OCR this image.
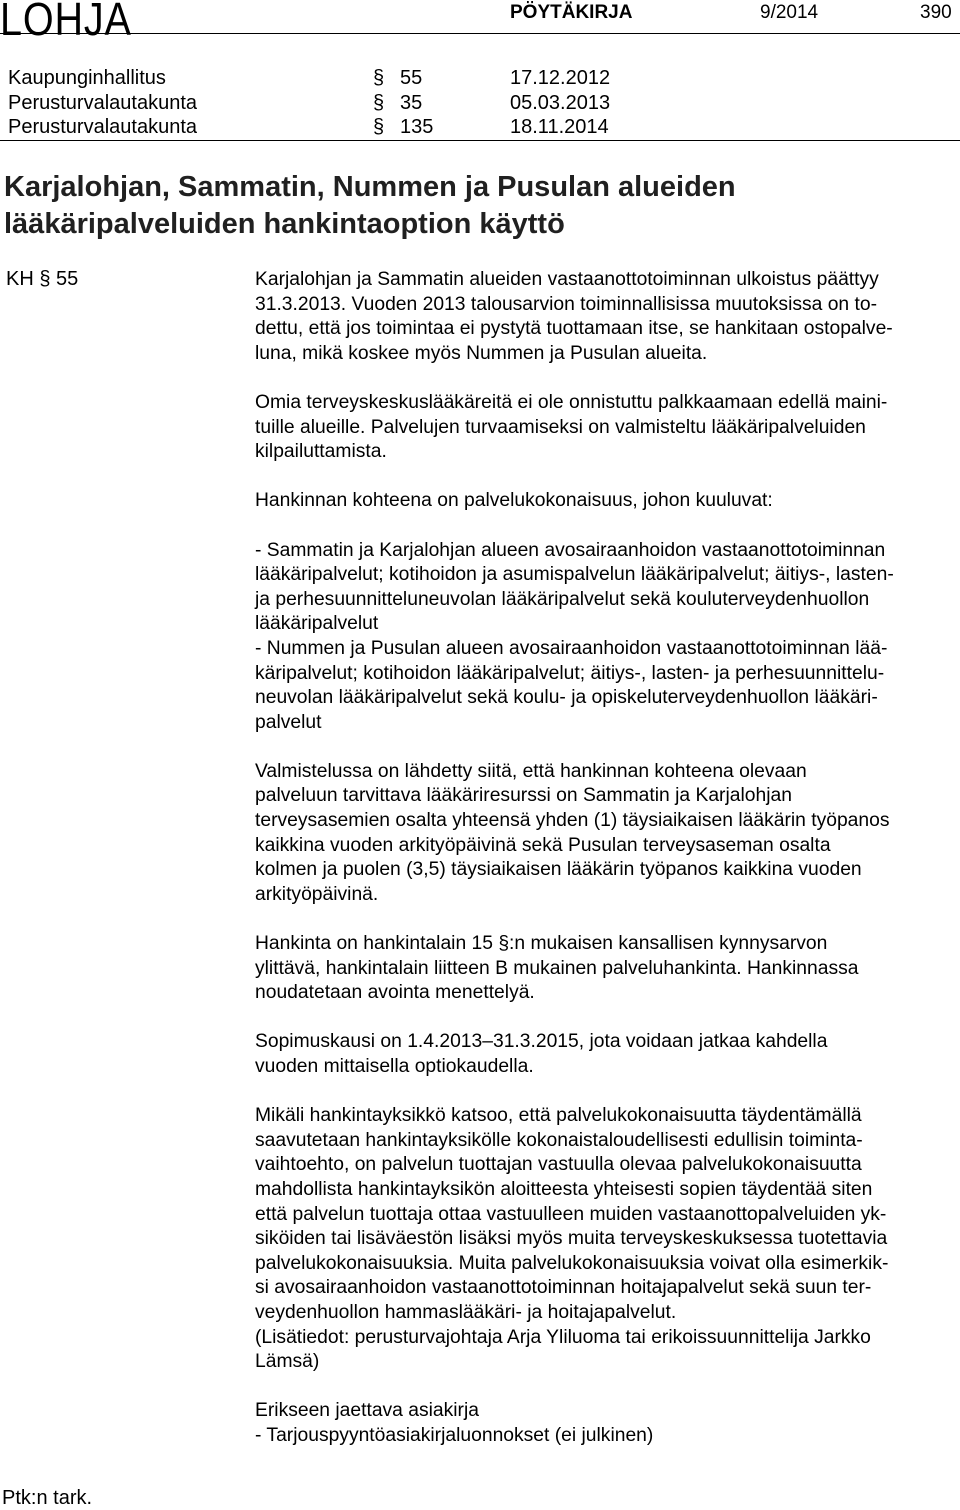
LOHJA	PÖYTÄKIRJA	9/2014	390
Kaupunginhallitus	§ 55	17.12.2012
Perusturvalautakunta	§ 35	05.03.2013
Perusturvalautakunta	§ 135	18.11.2014
Karjalohjan, Sammatin, Nummen ja Pusulan alueiden
lääkäripalveluiden hankintaoption käyttö
KH § 55	Karjalohjan ja Sammatin alueiden vastaanottotoiminnan ulkoistus päättyy
31.3.2013. Vuoden 2013 talousarvion toiminnallisissa muutoksissa on to-
dettu, että jos toimintaa ei pystytä tuottamaan itse, se hankitaan ostopalve-
luna, mikä koskee myös Nummen ja Pusulan alueita.

Omia terveyskeskuslääkäreitä ei ole onnistuttu palkkaamaan edellä maini-
tuille alueille. Palvelujen turvaamiseksi on valmisteltu lääkäripalveluiden
kilpailuttamista.

Hankinnan kohteena on palvelukokonaisuus, johon kuuluvat:

- Sammatin ja Karjalohjan alueen avosairaanhoidon vastaanottotoiminnan
lääkäripalvelut; kotihoidon ja asumispalvelun lääkäripalvelut; äitiys-, lasten-
ja perhesuunnitteluneuvolan lääkäripalvelut sekä kouluterveydenhuollon
lääkäripalvelut
- Nummen ja Pusulan alueen avosairaanhoidon vastaanottotoiminnan lää-
käripalvelut; kotihoidon lääkäripalvelut; äitiys-, lasten- ja perhesuunnittelu-
neuvolan lääkäripalvelut sekä koulu- ja opiskeluterveydenhuollon lääkäri-
palvelut

Valmistelussa on lähdetty siitä, että hankinnan kohteena olevaan
palveluun tarvittava lääkäriresurssi on Sammatin ja Karjalohjan
terveysasemien osalta yhteensä yhden (1) täysiaikaisen lääkärin työpanos
kaikkina vuoden arkityöpäivinä sekä Pusulan terveysaseman osalta
kolmen ja puolen (3,5) täysiaikaisen lääkärin työpanos kaikkina vuoden
arkityöpäivinä.

Hankinta on hankintalain 15 §:n mukaisen kansallisen kynnysarvon
ylittävä, hankintalain liitteen B mukainen palveluhankinta. Hankinnassa
noudatetaan avointa menettelyä.

Sopimuskausi on 1.4.2013–31.3.2015, jota voidaan jatkaa kahdella
vuoden mittaisella optiokaudella.

Mikäli hankintayksikkö katsoo, että palvelukokonaisuutta täydentämällä
saavutetaan hankintayksikölle kokonaistaloudellisesti edullisin toiminta-
vaihtoehto, on palvelun tuottajan vastuulla olevaa palvelukokonaisuutta
mahdollista hankintayksikön aloitteesta yhteisesti sopien täydentää siten
että palvelun tuottaja ottaa vastuulleen muiden vastaanottopalveluiden yk-
siköiden tai lisäväestön lisäksi myös muita terveyskeskuksessa tuotettavia
palvelukokonaisuuksia. Muita palvelukokonaisuuksia voivat olla esimerkik-
si avosairaanhoidon vastaanottotoiminnan hoitajapalvelut sekä suun ter-
veydenhuollon hammaslääkäri- ja hoitajapalvelut.
(Lisätiedot: perusturvajohtaja Arja Yliluoma tai erikoissuunnittelija Jarkko
Lämsä)

Erikseen jaettava asiakirja
- Tarjouspyyntöasiakirjaluonnokset (ei julkinen)

Ptk:n tark.
